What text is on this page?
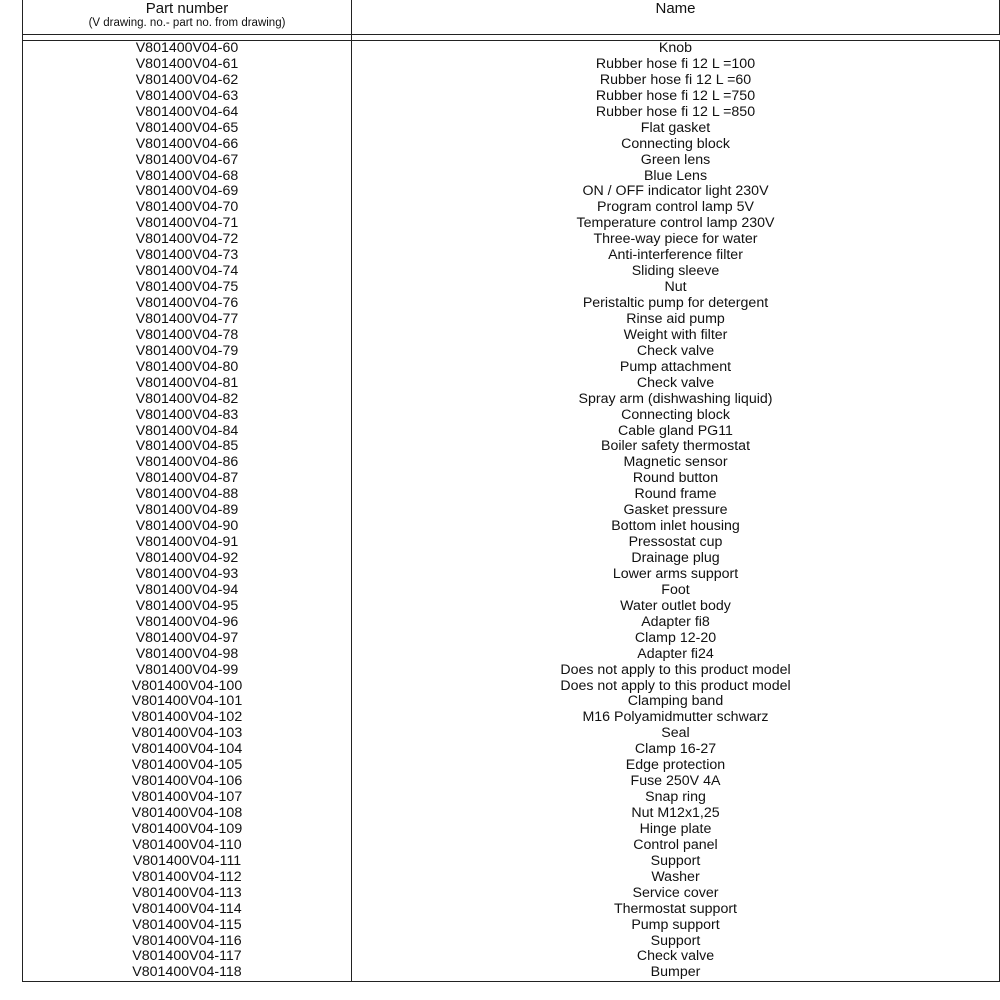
Part number
(V drawing. no.- part no. from drawing)
Name
V801400V04-60	Knob
V801400V04-61	Rubber hose fi 12 L =100
V801400V04-62	Rubber hose fi 12 L =60
V801400V04-63	Rubber hose fi 12 L =750
V801400V04-64	Rubber hose fi 12 L =850
V801400V04-65	Flat gasket
V801400V04-66	Connecting block
V801400V04-67	Green lens
V801400V04-68	Blue Lens
V801400V04-69	ON / OFF indicator light 230V
V801400V04-70	Program control lamp 5V
V801400V04-71	Temperature control lamp 230V
V801400V04-72	Three-way piece for water
V801400V04-73	Anti-interference filter
V801400V04-74	Sliding sleeve
V801400V04-75	Nut
V801400V04-76	Peristaltic pump for detergent
V801400V04-77	Rinse aid pump
V801400V04-78	Weight with filter
V801400V04-79	Check valve
V801400V04-80	Pump attachment
V801400V04-81	Check valve
V801400V04-82	Spray arm (dishwashing liquid)
V801400V04-83	Connecting block
V801400V04-84	Cable gland PG11
V801400V04-85	Boiler safety thermostat
V801400V04-86	Magnetic sensor
V801400V04-87	Round button
V801400V04-88	Round frame
V801400V04-89	Gasket pressure
V801400V04-90	Bottom inlet housing
V801400V04-91	Pressostat cup
V801400V04-92	Drainage plug
V801400V04-93	Lower arms support
V801400V04-94	Foot
V801400V04-95	Water outlet body
V801400V04-96	Adapter fi8
V801400V04-97	Clamp 12-20
V801400V04-98	Adapter fi24
V801400V04-99	Does not apply to this product model
V801400V04-100	Does not apply to this product model
V801400V04-101	Clamping band
V801400V04-102	M16 Polyamidmutter schwarz
V801400V04-103	Seal
V801400V04-104	Clamp 16-27
V801400V04-105	Edge protection
V801400V04-106	Fuse 250V 4A
V801400V04-107	Snap ring
V801400V04-108	Nut M12x1,25
V801400V04-109	Hinge plate
V801400V04-110	Control panel
V801400V04-111	Support
V801400V04-112	Washer
V801400V04-113	Service cover
V801400V04-114	Thermostat support
V801400V04-115	Pump support
V801400V04-116	Support
V801400V04-117	Check valve
V801400V04-118	Bumper
